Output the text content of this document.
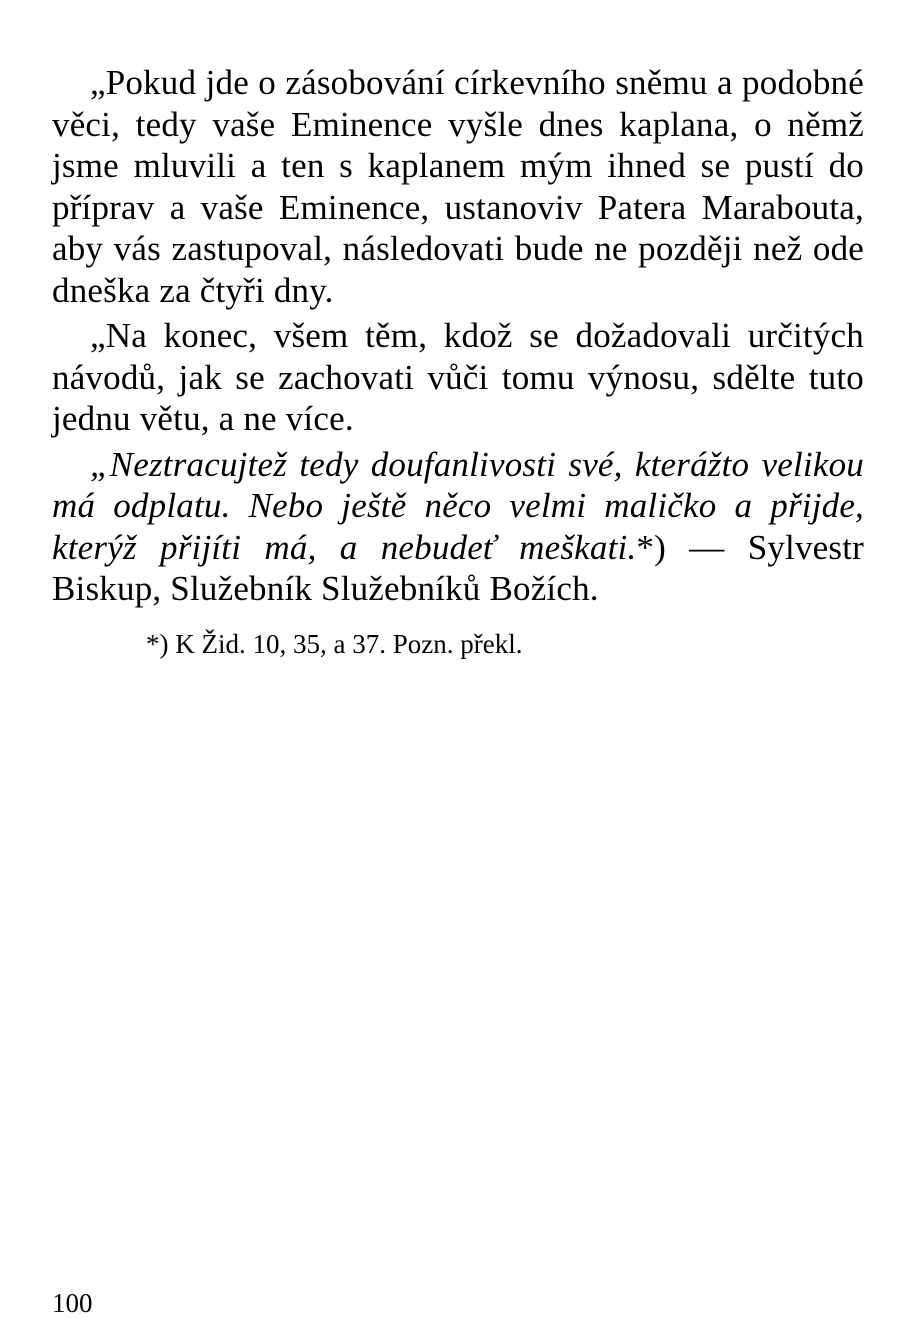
„Pokud jde o zásobování církevního sněmu a podobné věci, tedy vaše Eminence vyšle dnes kaplana, o němž jsme mluvili a ten s kaplanem mým ihned se pustí do příprav a vaše Eminence, ustanoviv Patera Marabouta, aby vás zastupoval, následovati bude ne později než ode dneška za čtyři dny.

„Na konec, všem těm, kdož se dožadovali určitých návodů, jak se zachovati vůči tomu výnosu, sdělte tuto jednu větu, a ne více.

„Neztracujtež tedy doufanlivosti své, kterážto velikou má odplatu. Nebo ještě něco velmi maličko a přijde, kterýž přijíti má, a nebudeť meškati.*) — Sylvestr Biskup, Služebník Služebníků Božích.

*) K Žid. 10, 35, a 37. Pozn. překl.
100
